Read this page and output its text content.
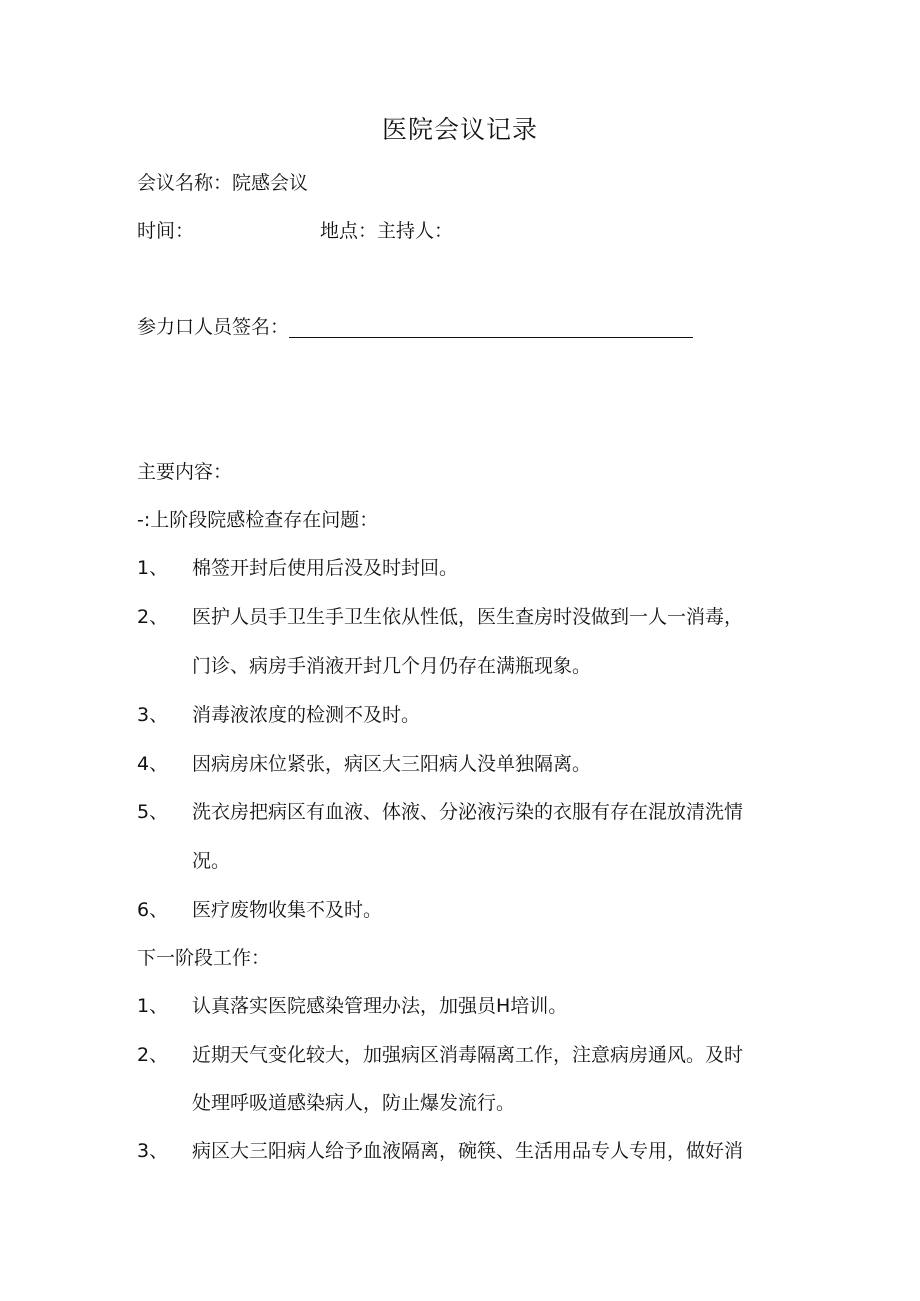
医院会议记录
会议名称：院感会议
时间：	地点：主持人：
参力口人员签名：
主要内容：
-:上阶段院感检查存在问题：
1、 棉签开封后使用后没及时封回。
2、 医护人员手卫生手卫生依从性低，医生查房时没做到一人一消毒，
门诊、病房手消液开封几个月仍存在满瓶现象。
3、 消毒液浓度的检测不及时。
4、 因病房床位紧张，病区大三阳病人没单独隔离。
5、 洗衣房把病区有血液、体液、分泌液污染的衣服有存在混放清洗情
况。
6、 医疗废物收集不及时。
下一阶段工作：
1、 认真落实医院感染管理办法，加强员H培训。
2、 近期天气变化较大，加强病区消毒隔离工作，注意病房通风。及时
处理呼吸道感染病人，防止爆发流行。
3、 病区大三阳病人给予血液隔离，碗筷、生活用品专人专用，做好消
